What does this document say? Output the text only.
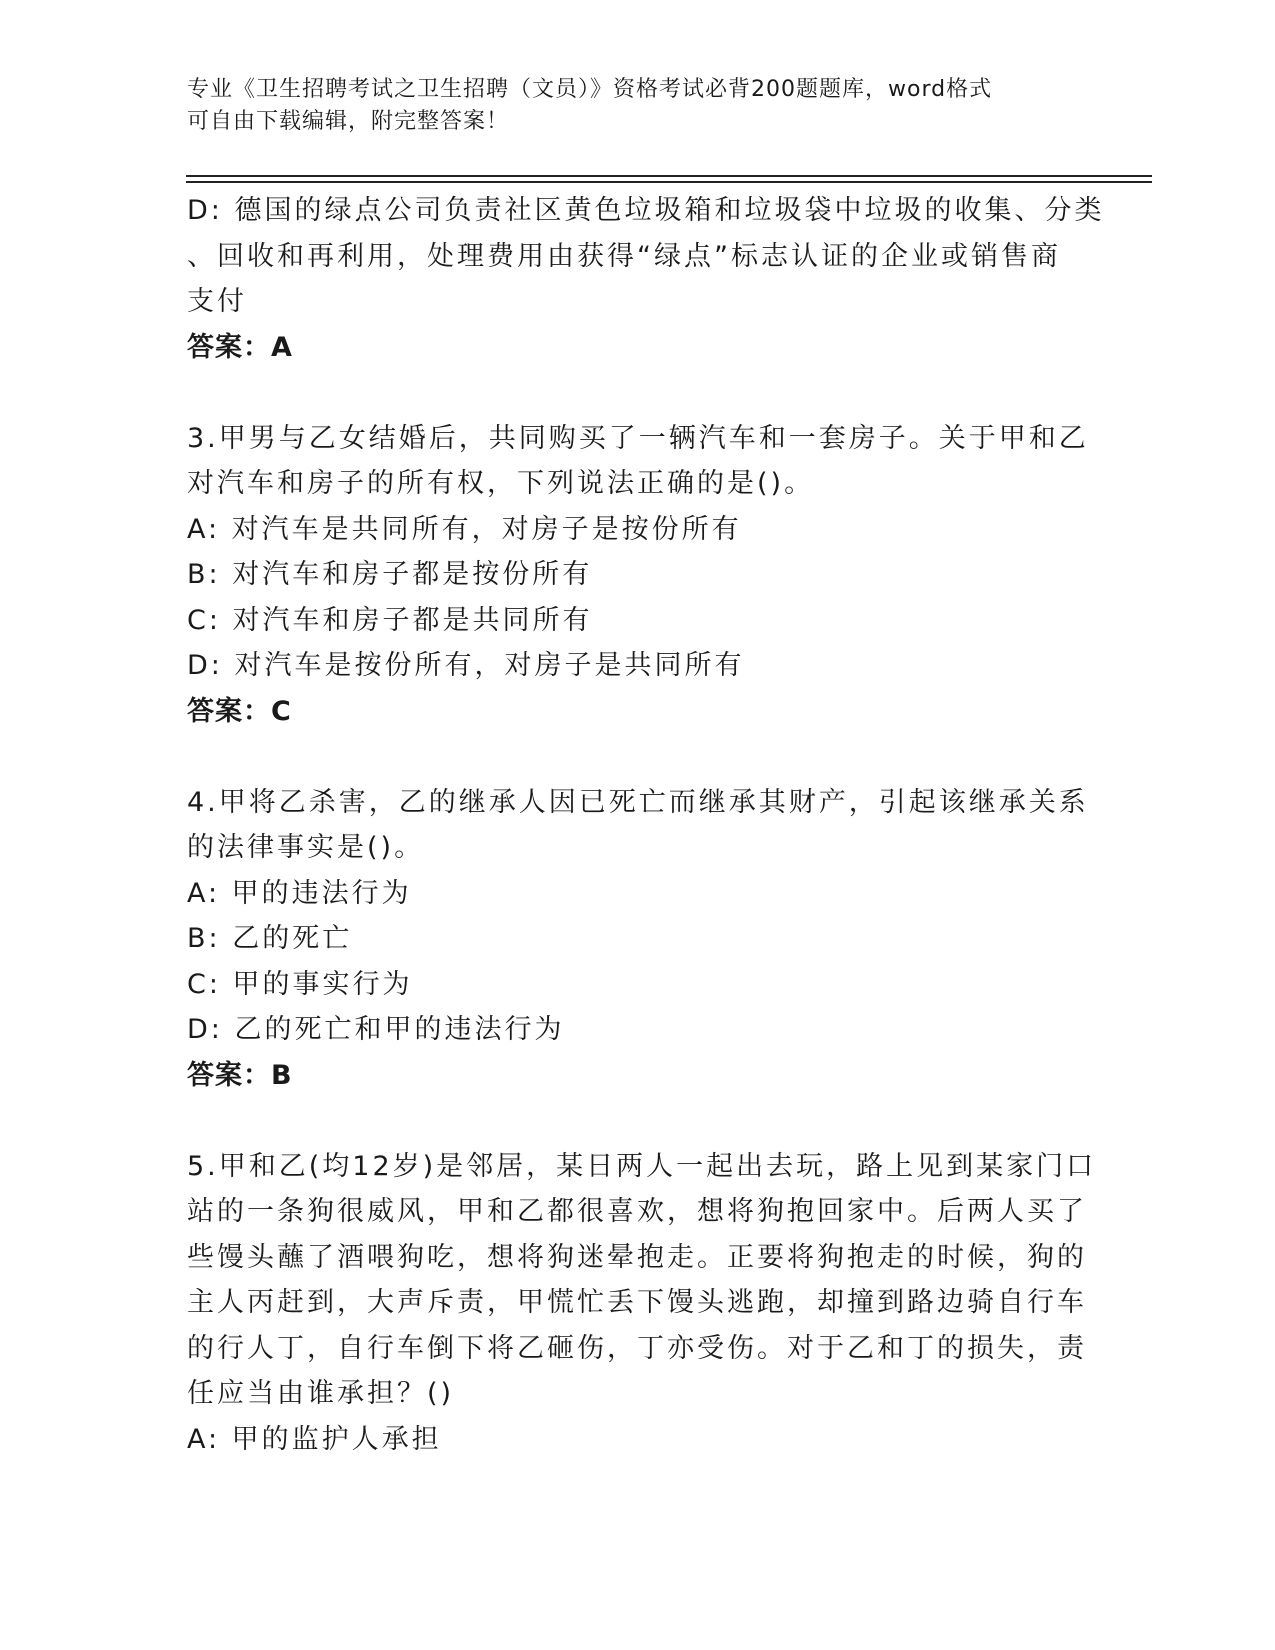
专业《卫生招聘考试之卫生招聘（文员）》资格考试必背200题题库，word格式
可自由下载编辑，附完整答案！
D: 德国的绿点公司负责社区黄色垃圾箱和垃圾袋中垃圾的收集、分类
、回收和再利用，处理费用由获得“绿点”标志认证的企业或销售商
支付
答案：A
3.甲男与乙女结婚后，共同购买了一辆汽车和一套房子。关于甲和乙
对汽车和房子的所有权，下列说法正确的是()。
A: 对汽车是共同所有，对房子是按份所有
B: 对汽车和房子都是按份所有
C: 对汽车和房子都是共同所有
D: 对汽车是按份所有，对房子是共同所有
答案：C
4.甲将乙杀害，乙的继承人因已死亡而继承其财产，引起该继承关系
的法律事实是()。
A: 甲的违法行为
B: 乙的死亡
C: 甲的事实行为
D: 乙的死亡和甲的违法行为
答案：B
5.甲和乙(均12岁)是邻居，某日两人一起出去玩，路上见到某家门口
站的一条狗很威风，甲和乙都很喜欢，想将狗抱回家中。后两人买了
些馒头蘸了酒喂狗吃，想将狗迷晕抱走。正要将狗抱走的时候，狗的
主人丙赶到，大声斥责，甲慌忙丢下馒头逃跑，却撞到路边骑自行车
的行人丁，自行车倒下将乙砸伤，丁亦受伤。对于乙和丁的损失，责
任应当由谁承担？()
A: 甲的监护人承担
